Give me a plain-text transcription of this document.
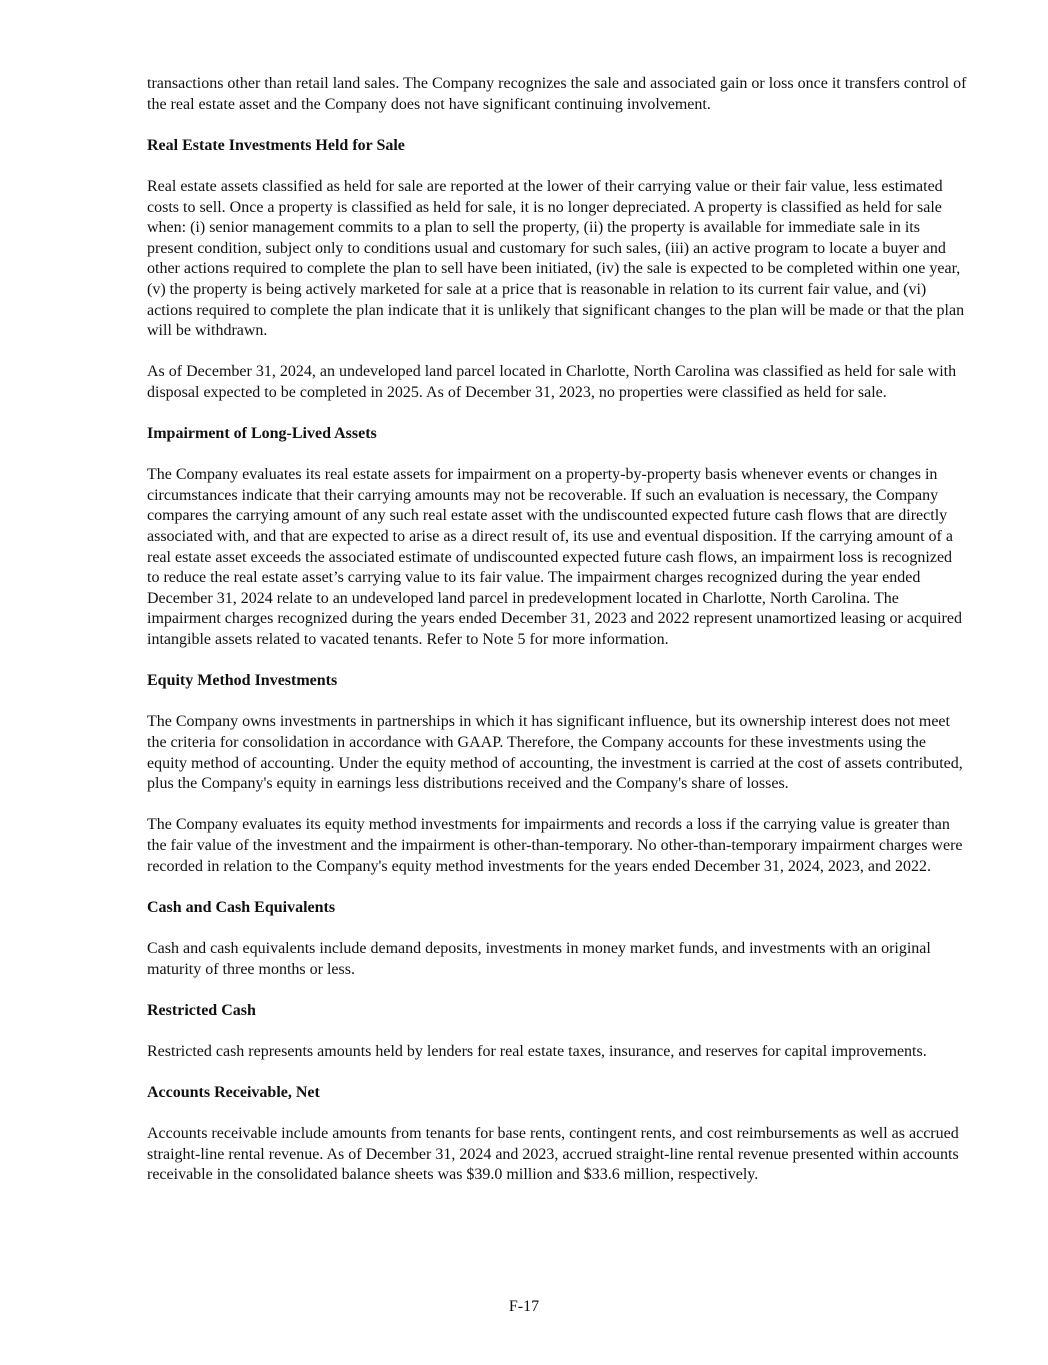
transactions other than retail land sales. The Company recognizes the sale and associated gain or loss once it transfers control of the real estate asset and the Company does not have significant continuing involvement.

Real Estate Investments Held for Sale

Real estate assets classified as held for sale are reported at the lower of their carrying value or their fair value, less estimated costs to sell. Once a property is classified as held for sale, it is no longer depreciated. A property is classified as held for sale when: (i) senior management commits to a plan to sell the property, (ii) the property is available for immediate sale in its present condition, subject only to conditions usual and customary for such sales, (iii) an active program to locate a buyer and other actions required to complete the plan to sell have been initiated, (iv) the sale is expected to be completed within one year, (v) the property is being actively marketed for sale at a price that is reasonable in relation to its current fair value, and (vi) actions required to complete the plan indicate that it is unlikely that significant changes to the plan will be made or that the plan will be withdrawn.

As of December 31, 2024, an undeveloped land parcel located in Charlotte, North Carolina was classified as held for sale with disposal expected to be completed in 2025. As of December 31, 2023, no properties were classified as held for sale.

Impairment of Long-Lived Assets

The Company evaluates its real estate assets for impairment on a property-by-property basis whenever events or changes in circumstances indicate that their carrying amounts may not be recoverable. If such an evaluation is necessary, the Company compares the carrying amount of any such real estate asset with the undiscounted expected future cash flows that are directly associated with, and that are expected to arise as a direct result of, its use and eventual disposition. If the carrying amount of a real estate asset exceeds the associated estimate of undiscounted expected future cash flows, an impairment loss is recognized to reduce the real estate asset’s carrying value to its fair value. The impairment charges recognized during the year ended December 31, 2024 relate to an undeveloped land parcel in predevelopment located in Charlotte, North Carolina. The impairment charges recognized during the years ended December 31, 2023 and 2022 represent unamortized leasing or acquired intangible assets related to vacated tenants. Refer to Note 5 for more information.

Equity Method Investments

The Company owns investments in partnerships in which it has significant influence, but its ownership interest does not meet the criteria for consolidation in accordance with GAAP. Therefore, the Company accounts for these investments using the equity method of accounting. Under the equity method of accounting, the investment is carried at the cost of assets contributed, plus the Company's equity in earnings less distributions received and the Company's share of losses.

The Company evaluates its equity method investments for impairments and records a loss if the carrying value is greater than the fair value of the investment and the impairment is other-than-temporary. No other-than-temporary impairment charges were recorded in relation to the Company's equity method investments for the years ended December 31, 2024, 2023, and 2022.

Cash and Cash Equivalents

Cash and cash equivalents include demand deposits, investments in money market funds, and investments with an original maturity of three months or less.

Restricted Cash

Restricted cash represents amounts held by lenders for real estate taxes, insurance, and reserves for capital improvements.

Accounts Receivable, Net

Accounts receivable include amounts from tenants for base rents, contingent rents, and cost reimbursements as well as accrued straight-line rental revenue. As of December 31, 2024 and 2023, accrued straight-line rental revenue presented within accounts receivable in the consolidated balance sheets was $39.0 million and $33.6 million, respectively.

F-17
